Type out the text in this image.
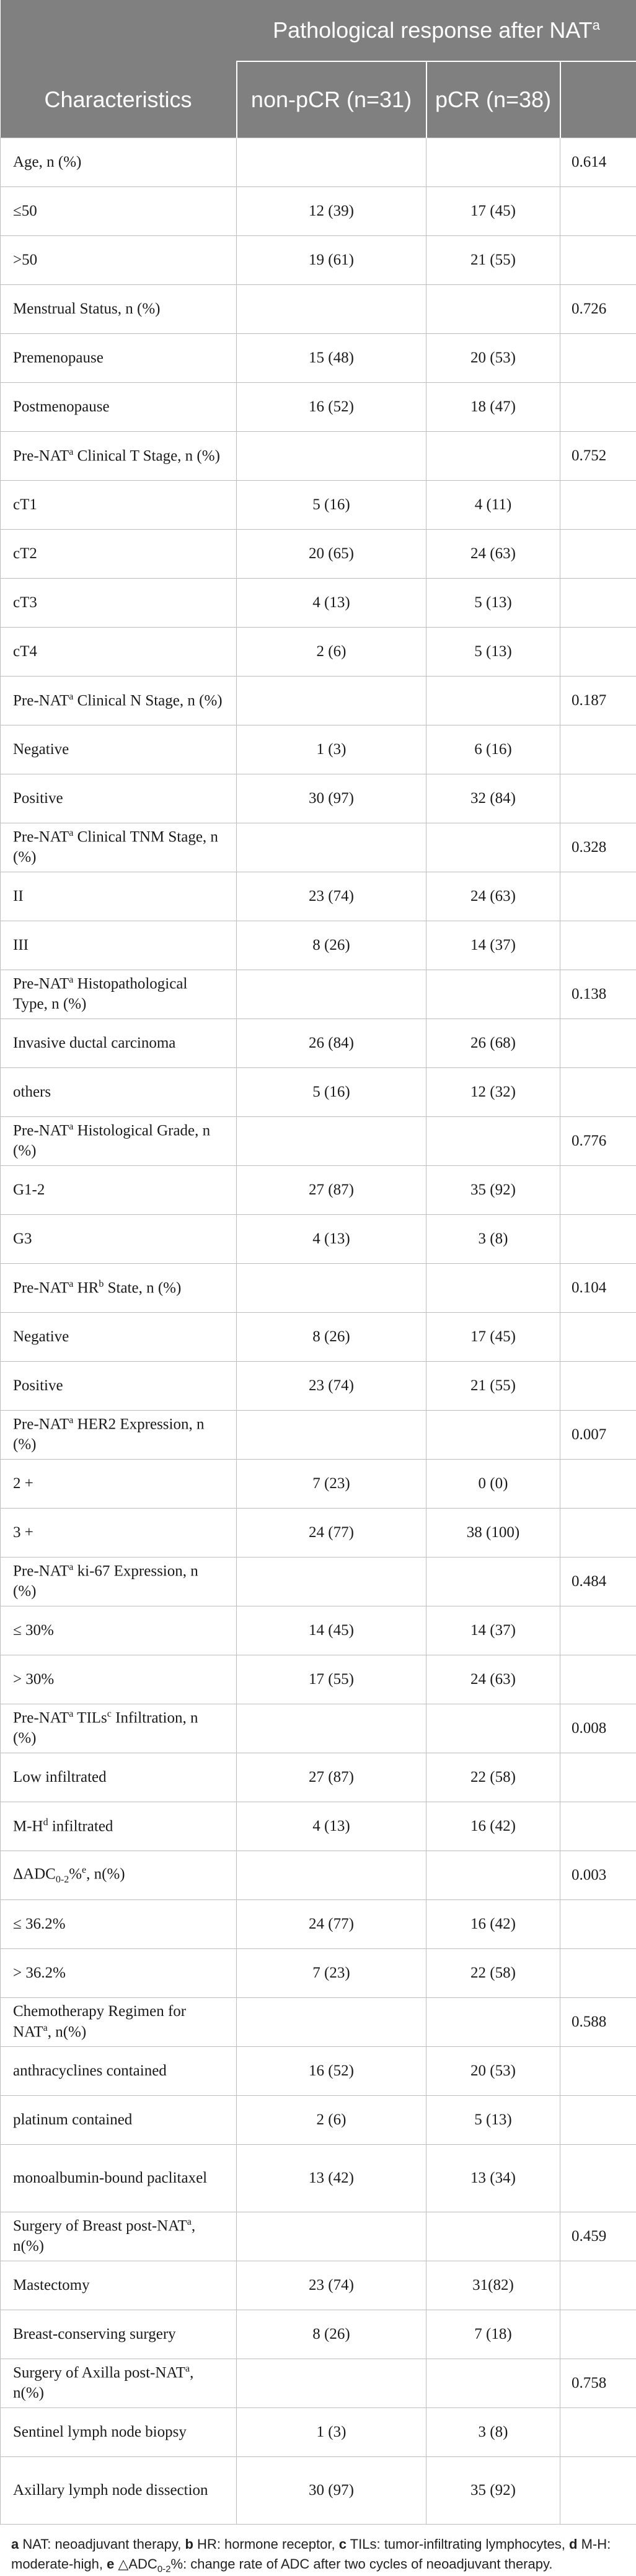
	Pathological response after NAT$^a$
Characteristics	non-pCR (n=31)	pCR (n=38)	
Age, n (%)			0.614
≤50	12 (39)	17 (45)	
>50	19 (61)	21 (55)	
Menstrual Status, n (%)			0.726
Premenopause	15 (48)	20 (53)	
Postmenopause	16 (52)	18 (47)	
Pre-NAT$^a$ Clinical T Stage, n (%)			0.752
cT1	5 (16)	4 (11)	
cT2	20 (65)	24 (63)	
cT3	4 (13)	5 (13)	
cT4	2 (6)	5 (13)	
Pre-NAT$^a$ Clinical N Stage, n (%)			0.187
Negative	1 (3)	6 (16)	
Positive	30 (97)	32 (84)	
Pre-NAT$^a$ Clinical TNM Stage, n (%)			0.328
II	23 (74)	24 (63)	
III	8 (26)	14 (37)	
Pre-NAT$^a$ Histopathological Type, n (%)			0.138
Invasive ductal carcinoma	26 (84)	26 (68)	
others	5 (16)	12 (32)	
Pre-NAT$^a$ Histological Grade, n (%)			0.776
G1-2	27 (87)	35 (92)	
G3	4 (13)	3 (8)	
Pre-NAT$^a$ $HR^b$ State, n (%)			0.104
Negative	8 (26)	17 (45)	
Positive	23 (74)	21 (55)	
Pre-NAT$^a$ HER2 Expression, n (%)			0.007
2 +	7 (23)	0 (0)	
3 +	24 (77)	38 (100)	
Pre-NAT$^a$ ki-67 Expression, n (%)			0.484
≤ 30%	14 (45)	14 (37)	
> 30%	17 (55)	24 (63)	
Pre-NAT$^a$ TILs$^c$ Infiltration, n (%)			0.008
Low infiltrated	27 (87)	22 (58)	
$M-H^d$ infiltrated	4 (13)	16 (42)	
$\Delta ADC_{0-2}\%^e$, n(%)			0.003
≤ 36.2%	24 (77)	16 (42)	
> 36.2%	7 (23)	22 (58)	
Chemotherapy Regimen for NAT$^a$, n(%)			0.588
anthracyclines contained	16 (52)	20 (53)	
platinum contained	2 (6)	5 (13)	
monoalbumin-bound paclitaxel	13 (42)	13 (34)	
Surgery of Breast post-NAT$^a$, n(%)			0.459
Mastectomy	23 (74)	31(82)	
Breast-conserving surgery	8 (26)	7 (18)	
Surgery of Axilla post-NAT$^a$, n(%)			0.758
Sentinel lymph node biopsy	1 (3)	3 (8)	
Axillary lymph node dissection	30 (97)	35 (92)	
a NAT: neoadjuvant therapy, b HR: hormone receptor, c TILs: tumor-infiltrating lymphocytes, d M-H: moderate-high, e $\triangle ADC_{0-2}\%$: change rate of ADC after two cycles of neoadjuvant therapy.
